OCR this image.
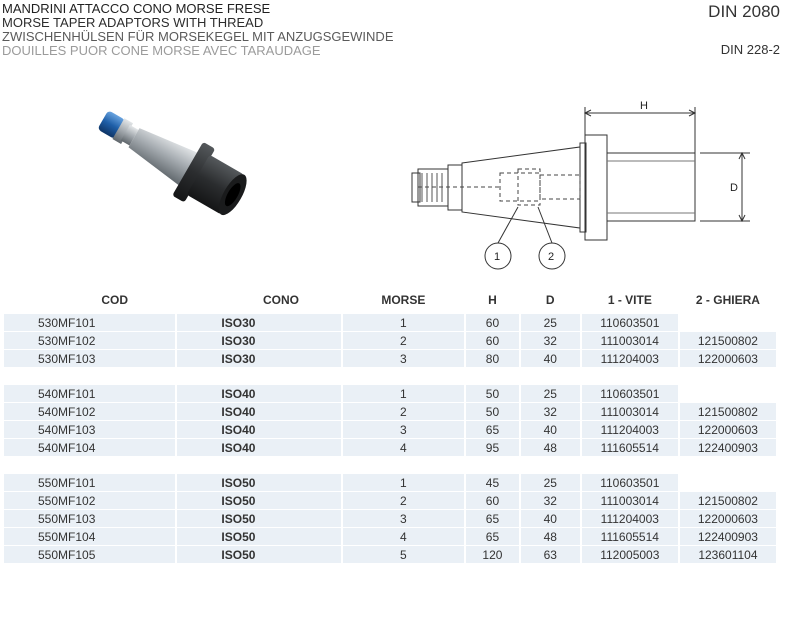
MANDRINI ATTACCO CONO MORSE FRESE
MORSE TAPER ADAPTORS WITH THREAD
ZWISCHENHÜLSEN FÜR MORSEKEGEL MIT ANZUGSGEWINDE
DOUILLES PUOR CONE MORSE AVEC TARAUDAGE
DIN 2080
DIN 228-2
H
D
1	2
COD	CONO	MORSE	H	D	1 - VITE	2 - GHIERA
530MF101	ISO30	1	60	25	110603501	
530MF102	ISO30	2	60	32	111003014	121500802
530MF103	ISO30	3	80	40	111204003	122000603

540MF101	ISO40	1	50	25	110603501	
540MF102	ISO40	2	50	32	111003014	121500802
540MF103	ISO40	3	65	40	111204003	122000603
540MF104	ISO40	4	95	48	111605514	122400903

550MF101	ISO50	1	45	25	110603501	
550MF102	ISO50	2	60	32	111003014	121500802
550MF103	ISO50	3	65	40	111204003	122000603
550MF104	ISO50	4	65	48	111605514	122400903
550MF105	ISO50	5	120	63	112005003	123601104
